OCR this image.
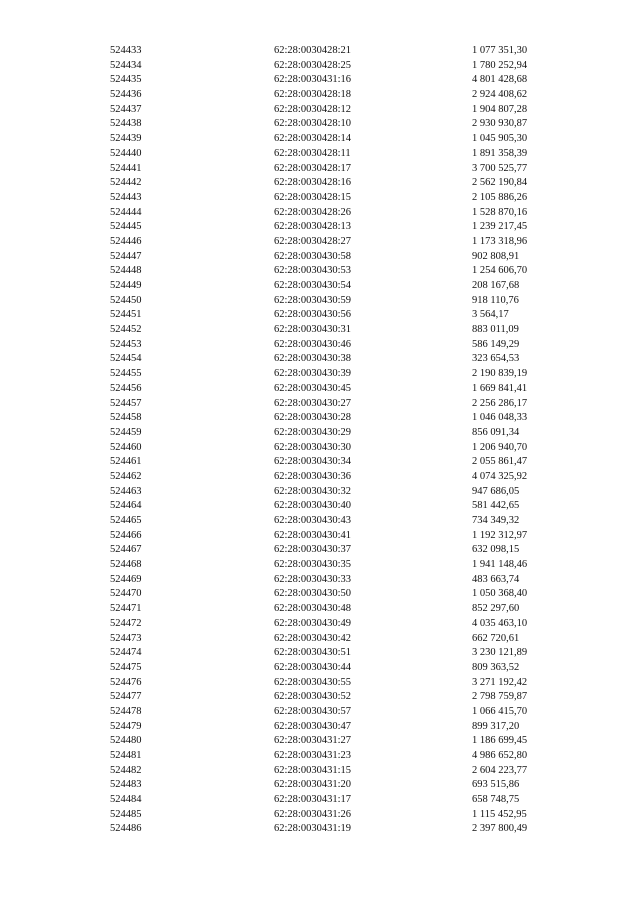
524433	62:28:0030428:21	1 077 351,30
524434	62:28:0030428:25	1 780 252,94
524435	62:28:0030431:16	4 801 428,68
524436	62:28:0030428:18	2 924 408,62
524437	62:28:0030428:12	1 904 807,28
524438	62:28:0030428:10	2 930 930,87
524439	62:28:0030428:14	1 045 905,30
524440	62:28:0030428:11	1 891 358,39
524441	62:28:0030428:17	3 700 525,77
524442	62:28:0030428:16	2 562 190,84
524443	62:28:0030428:15	2 105 886,26
524444	62:28:0030428:26	1 528 870,16
524445	62:28:0030428:13	1 239 217,45
524446	62:28:0030428:27	1 173 318,96
524447	62:28:0030430:58	902 808,91
524448	62:28:0030430:53	1 254 606,70
524449	62:28:0030430:54	208 167,68
524450	62:28:0030430:59	918 110,76
524451	62:28:0030430:56	3 564,17
524452	62:28:0030430:31	883 011,09
524453	62:28:0030430:46	586 149,29
524454	62:28:0030430:38	323 654,53
524455	62:28:0030430:39	2 190 839,19
524456	62:28:0030430:45	1 669 841,41
524457	62:28:0030430:27	2 256 286,17
524458	62:28:0030430:28	1 046 048,33
524459	62:28:0030430:29	856 091,34
524460	62:28:0030430:30	1 206 940,70
524461	62:28:0030430:34	2 055 861,47
524462	62:28:0030430:36	4 074 325,92
524463	62:28:0030430:32	947 686,05
524464	62:28:0030430:40	581 442,65
524465	62:28:0030430:43	734 349,32
524466	62:28:0030430:41	1 192 312,97
524467	62:28:0030430:37	632 098,15
524468	62:28:0030430:35	1 941 148,46
524469	62:28:0030430:33	483 663,74
524470	62:28:0030430:50	1 050 368,40
524471	62:28:0030430:48	852 297,60
524472	62:28:0030430:49	4 035 463,10
524473	62:28:0030430:42	662 720,61
524474	62:28:0030430:51	3 230 121,89
524475	62:28:0030430:44	809 363,52
524476	62:28:0030430:55	3 271 192,42
524477	62:28:0030430:52	2 798 759,87
524478	62:28:0030430:57	1 066 415,70
524479	62:28:0030430:47	899 317,20
524480	62:28:0030431:27	1 186 699,45
524481	62:28:0030431:23	4 986 652,80
524482	62:28:0030431:15	2 604 223,77
524483	62:28:0030431:20	693 515,86
524484	62:28:0030431:17	658 748,75
524485	62:28:0030431:26	1 115 452,95
524486	62:28:0030431:19	2 397 800,49
